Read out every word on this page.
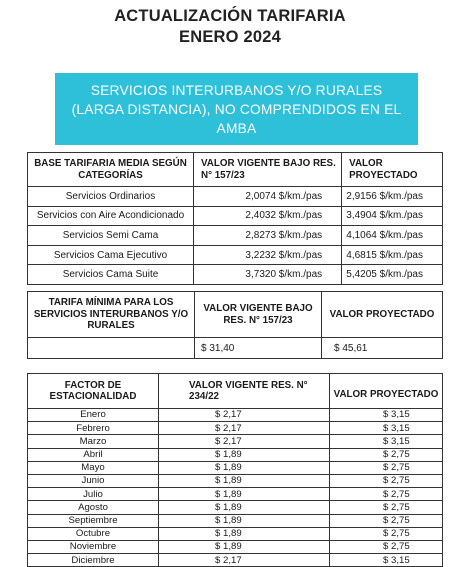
ACTUALIZACIÓN TARIFARIA
ENERO 2024
SERVICIOS INTERURBANOS Y/O RURALES (LARGA DISTANCIA), NO COMPRENDIDOS EN EL AMBA
BASE TARIFARIA MEDIA SEGÚN CATEGORÍAS	VALOR VIGENTE BAJO RES. N° 157/23	VALOR PROYECTADO
Servicios Ordinarios	2,0074 $/km./pas	2,9156 $/km./pas
Servicios con Aire Acondicionado	2,4032 $/km./pas	3,4904 $/km./pas
Servicios Semi Cama	2,8273 $/km./pas	4,1064 $/km./pas
Servicios Cama Ejecutivo	3,2232 $/km./pas	4,6815 $/km./pas
Servicios Cama Suite	3,7320 $/km./pas	5,4205 $/km./pas
TARIFA MÍNIMA PARA LOS SERVICIOS INTERURBANOS Y/O RURALES	VALOR VIGENTE BAJO RES. N° 157/23	VALOR PROYECTADO
	$ 31,40	$ 45,61
FACTOR DE ESTACIONALIDAD	VALOR VIGENTE RES. N° 234/22	VALOR PROYECTADO
Enero	$ 2,17	$ 3,15
Febrero	$ 2,17	$ 3,15
Marzo	$ 2,17	$ 3,15
Abril	$ 1,89	$ 2,75
Mayo	$ 1,89	$ 2,75
Junio	$ 1,89	$ 2,75
Julio	$ 1,89	$ 2,75
Agosto	$ 1,89	$ 2,75
Septiembre	$ 1,89	$ 2,75
Octubre	$ 1,89	$ 2,75
Noviembre	$ 1,89	$ 2,75
Diciembre	$ 2,17	$ 3,15
